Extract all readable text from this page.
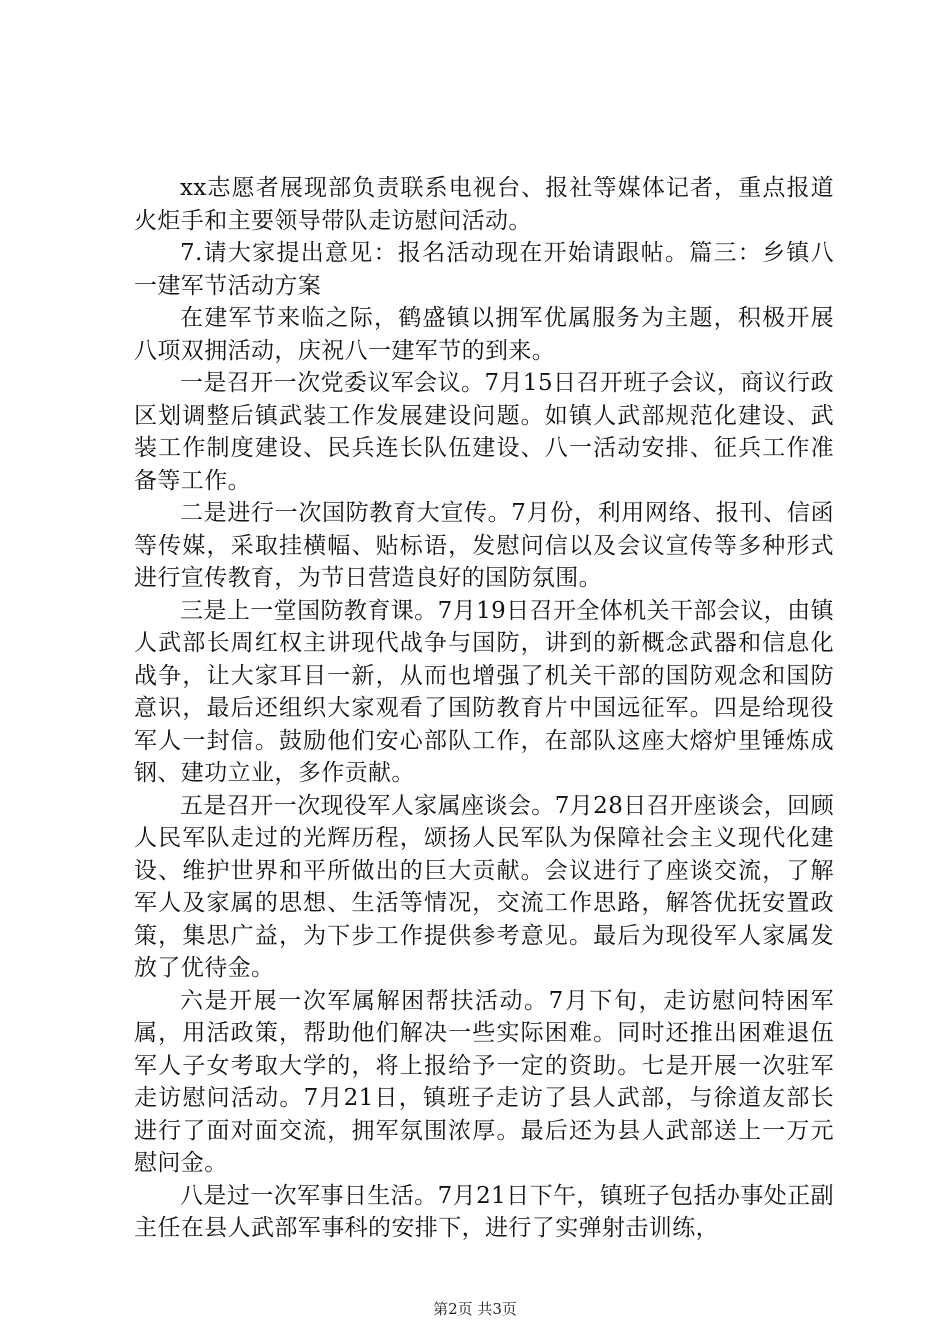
xx志愿者展现部负责联系电视台、报社等媒体记者，重点报道火炬手和主要领导带队走访慰问活动。

7.请大家提出意见：报名活动现在开始请跟帖。篇三：乡镇八一建军节活动方案

在建军节来临之际，鹤盛镇以拥军优属服务为主题，积极开展八项双拥活动，庆祝八一建军节的到来。

一是召开一次党委议军会议。7月15日召开班子会议，商议行政区划调整后镇武装工作发展建设问题。如镇人武部规范化建设、武装工作制度建设、民兵连长队伍建设、八一活动安排、征兵工作准备等工作。

二是进行一次国防教育大宣传。7月份，利用网络、报刊、信函等传媒，采取挂横幅、贴标语，发慰问信以及会议宣传等多种形式进行宣传教育，为节日营造良好的国防氛围。

三是上一堂国防教育课。7月19日召开全体机关干部会议，由镇人武部长周红权主讲现代战争与国防，讲到的新概念武器和信息化战争，让大家耳目一新，从而也增强了机关干部的国防观念和国防意识，最后还组织大家观看了国防教育片中国远征军。四是给现役军人一封信。鼓励他们安心部队工作，在部队这座大熔炉里锤炼成钢、建功立业，多作贡献。

五是召开一次现役军人家属座谈会。7月28日召开座谈会，回顾人民军队走过的光辉历程，颂扬人民军队为保障社会主义现代化建设、维护世界和平所做出的巨大贡献。会议进行了座谈交流，了解军人及家属的思想、生活等情况，交流工作思路，解答优抚安置政策，集思广益，为下步工作提供参考意见。最后为现役军人家属发放了优待金。

六是开展一次军属解困帮扶活动。7月下旬，走访慰问特困军属，用活政策，帮助他们解决一些实际困难。同时还推出困难退伍军人子女考取大学的，将上报给予一定的资助。七是开展一次驻军走访慰问活动。7月21日，镇班子走访了县人武部，与徐道友部长进行了面对面交流，拥军氛围浓厚。最后还为县人武部送上一万元慰问金。

八是过一次军事日生活。7月21日下午，镇班子包括办事处正副主任在县人武部军事科的安排下，进行了实弹射击训练，

第2页 共3页
